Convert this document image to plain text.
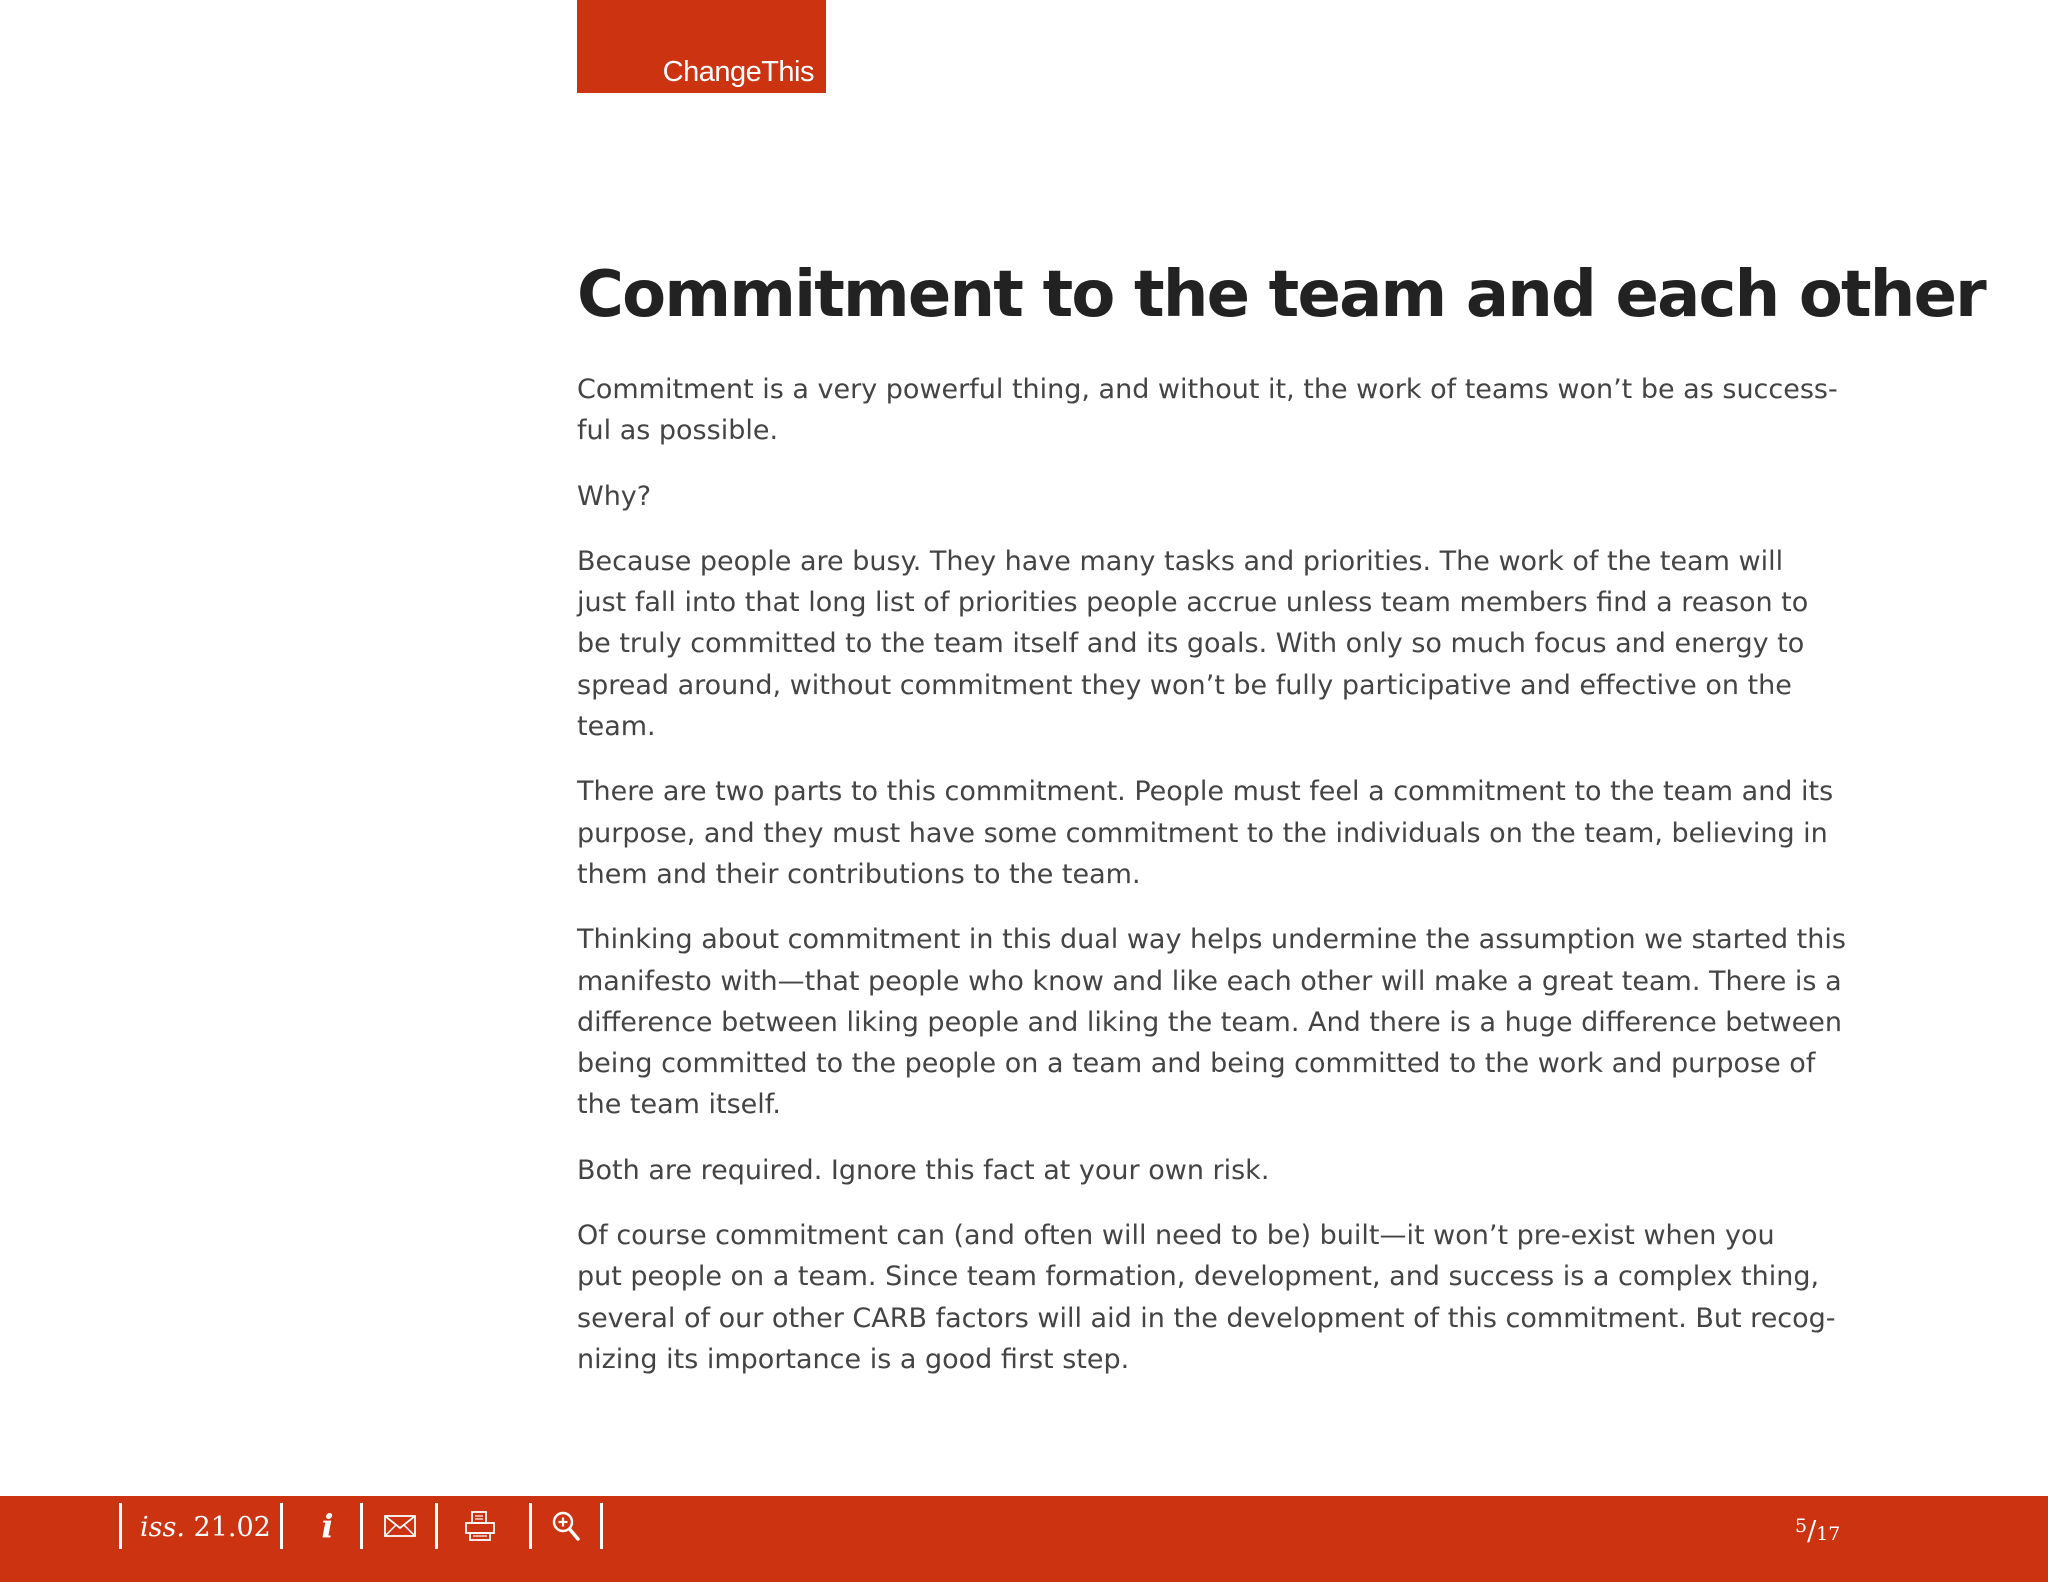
ChangeThis
Commitment to the team and each other

Commitment is a very powerful thing, and without it, the work of teams won’t be as success-
ful as possible.

Why?

Because people are busy. They have many tasks and priorities. The work of the team will
just fall into that long list of priorities people accrue unless team members find a reason to
be truly committed to the team itself and its goals. With only so much focus and energy to
spread around, without commitment they won’t be fully participative and effective on the
team.

There are two parts to this commitment. People must feel a commitment to the team and its
purpose, and they must have some commitment to the individuals on the team, believing in
them and their contributions to the team.

Thinking about commitment in this dual way helps undermine the assumption we started this
manifesto with—that people who know and like each other will make a great team. There is a
difference between liking people and liking the team. And there is a huge difference between
being committed to the people on a team and being committed to the work and purpose of
the team itself.

Both are required. Ignore this fact at your own risk.

Of course commitment can (and often will need to be) built—it won’t pre-exist when you
put people on a team. Since team formation, development, and success is a complex thing,
several of our other CARB factors will aid in the development of this commitment. But recog-
nizing its importance is a good first step.

iss. 21.02 i	$^5$/17
